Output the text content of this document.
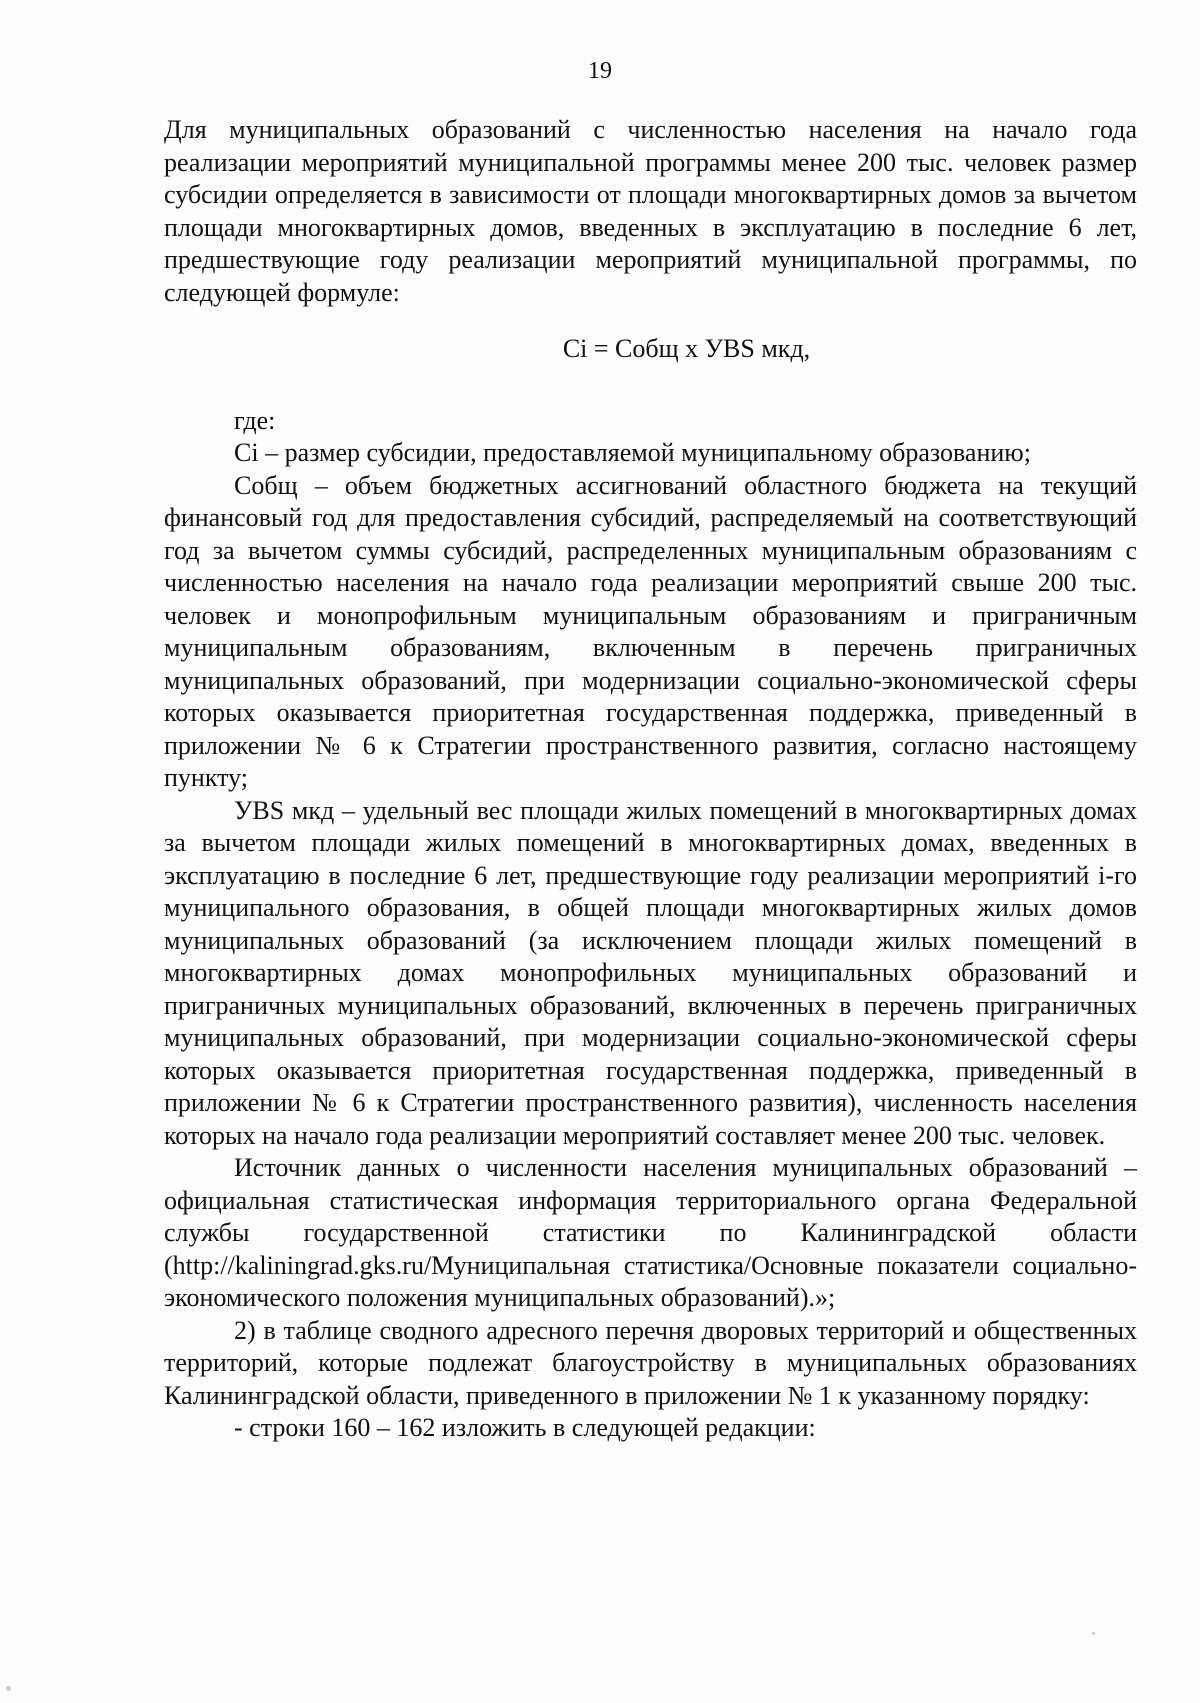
19

Для муниципальных образований с численностью населения на начало года реализации мероприятий муниципальной программы менее 200 тыс. человек размер субсидии определяется в зависимости от площади многоквартирных домов за вычетом площади многоквартирных домов, введенных в эксплуатацию в последние 6 лет, предшествующие году реализации мероприятий муниципальной программы, по следующей формуле:

Ci = Cобщ х УВS мкд,

где:

Ci – размер субсидии, предоставляемой муниципальному образованию;

Cобщ – объем бюджетных ассигнований областного бюджета на текущий финансовый год для предоставления субсидий, распределяемый на соответствующий год за вычетом суммы субсидий, распределенных муниципальным образованиям с численностью населения на начало года реализации мероприятий свыше 200 тыс. человек и монопрофильным муниципальным образованиям и приграничным муниципальным образованиям, включенным в перечень приграничных муниципальных образований, при модернизации социально-экономической сферы которых оказывается приоритетная государственная поддержка, приведенный в приложении № 6 к Стратегии пространственного развития, согласно настоящему пункту;

УВS мкд – удельный вес площади жилых помещений в многоквартирных домах за вычетом площади жилых помещений в многоквартирных домах, введенных в эксплуатацию в последние 6 лет, предшествующие году реализации мероприятий i-го муниципального образования, в общей площади многоквартирных жилых домов муниципальных образований (за исключением площади жилых помещений в многоквартирных домах монопрофильных муниципальных образований и приграничных муниципальных образований, включенных в перечень приграничных муниципальных образований, при модернизации социально-экономической сферы которых оказывается приоритетная государственная поддержка, приведенный в приложении № 6 к Стратегии пространственного развития), численность населения которых на начало года реализации мероприятий составляет менее 200 тыс. человек.

Источник данных о численности населения муниципальных образований – официальная статистическая информация территориального органа Федеральной службы государственной статистики по Калининградской области (http://kaliningrad.gks.ru/Муниципальная статистика/Основные показатели социально-экономического положения муниципальных образований).»;

2) в таблице сводного адресного перечня дворовых территорий и общественных территорий, которые подлежат благоустройству в муниципальных образованиях Калининградской области, приведенного в приложении № 1 к указанному порядку:

- строки 160 – 162 изложить в следующей редакции:
